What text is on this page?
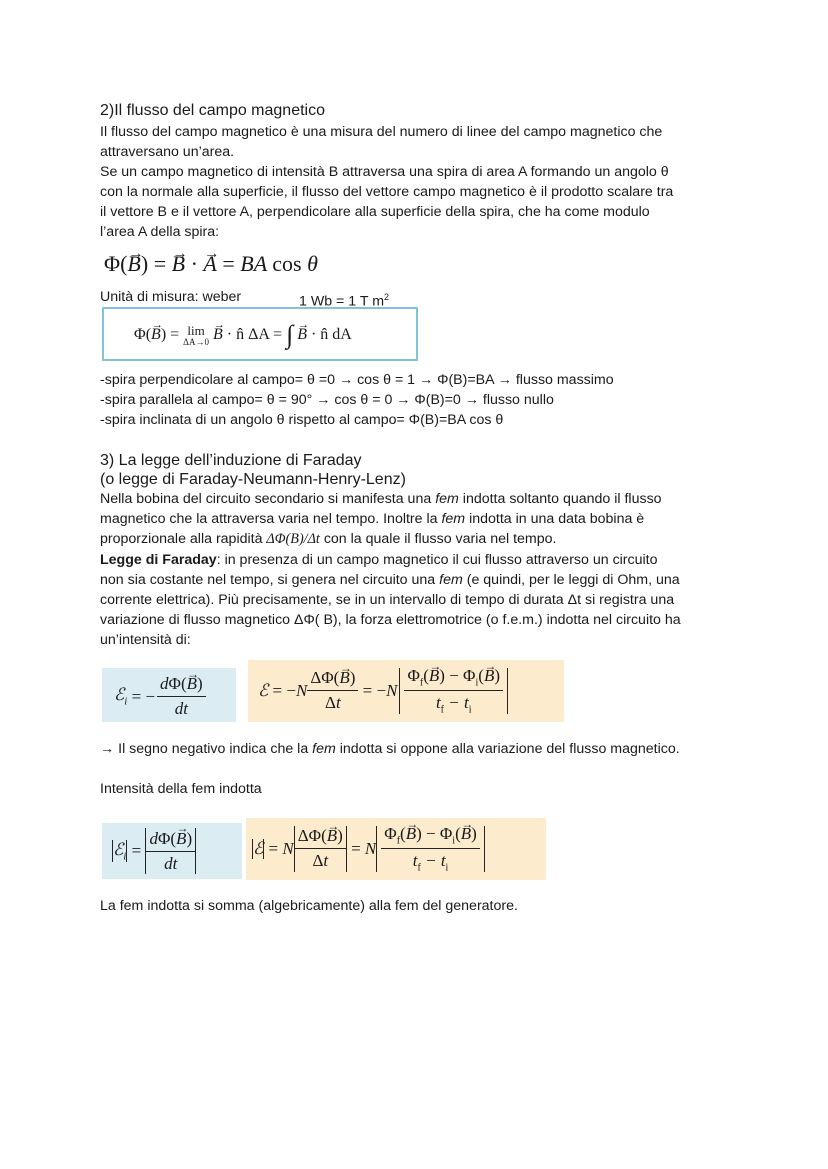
2)Il flusso del campo magnetico
Il flusso del campo magnetico è una misura del numero di linee del campo magnetico che
attraversano un’area.
Se un campo magnetico di intensità B attraversa una spira di area A formando un angolo θ
con la normale alla superficie, il flusso del vettore campo magnetico è il prodotto scalare tra
il vettore B e il vettore A, perpendicolare alla superficie della spira, che ha come modulo
l’area A della spira:
Φ(→ B) = → B · → A = BA cos θ
Unità di misura: weber	1 Wb = 1 T $m^2$
Φ( → B ) = lim
ΔA→0 → B · n̂ ΔA = ∫ → B · n̂ dA
-spira perpendicolare al campo= θ =0 → cos θ = 1 → Φ(B)=BA → flusso massimo
-spira parallela al campo= θ = 90° → cos θ = 0 → Φ(B)=0 → flusso nullo
-spira inclinata di un angolo θ rispetto al campo= Φ(B)=BA cos θ
3) La legge dell’induzione di Faraday
(o legge di Faraday-Neumann-Henry-Lenz)
Nella bobina del circuito secondario si manifesta una fem indotta soltanto quando il flusso
magnetico che la attraversa varia nel tempo. Inoltre la fem indotta in una data bobina è
proporzionale alla rapidità ΔΦ(B)/Δt con la quale il flusso varia nel tempo.
Legge di Faraday: in presenza di un campo magnetico il cui flusso attraverso un circuito
non sia costante nel tempo, si genera nel circuito una fem (e quindi, per le leggi di Ohm, una
corrente elettrica). Più precisamente, se in un intervallo di tempo di durata Δt si registra una
variazione di flusso magnetico ΔΦ( B), la forza elettromotrice (o f.e.m.) indotta nel circuito ha
un’intensità di:
ℰ$_i$ = − $\frac{d\Phi(\to B)}{dt}$	ℰ = − N $\frac{\Delta\Phi(\to B)}{\Delta t}$ = − N $\frac{\Phi_f(\to B) - \Phi_i(\to B)}{t_f - t_i}$
→ Il segno negativo indica che la fem indotta si oppone alla variazione del flusso magnetico.
Intensità della fem indotta
ℰ$_i$ = $\frac{d\Phi(\to B)}{dt}$	ℰ = N $\frac{\Delta\Phi(\to B)}{\Delta t} = N \frac{\Phi_f(\to B) - \Phi_i(\to B)}{t_f - t_i}$
La fem indotta si somma (algebricamente) alla fem del generatore.
